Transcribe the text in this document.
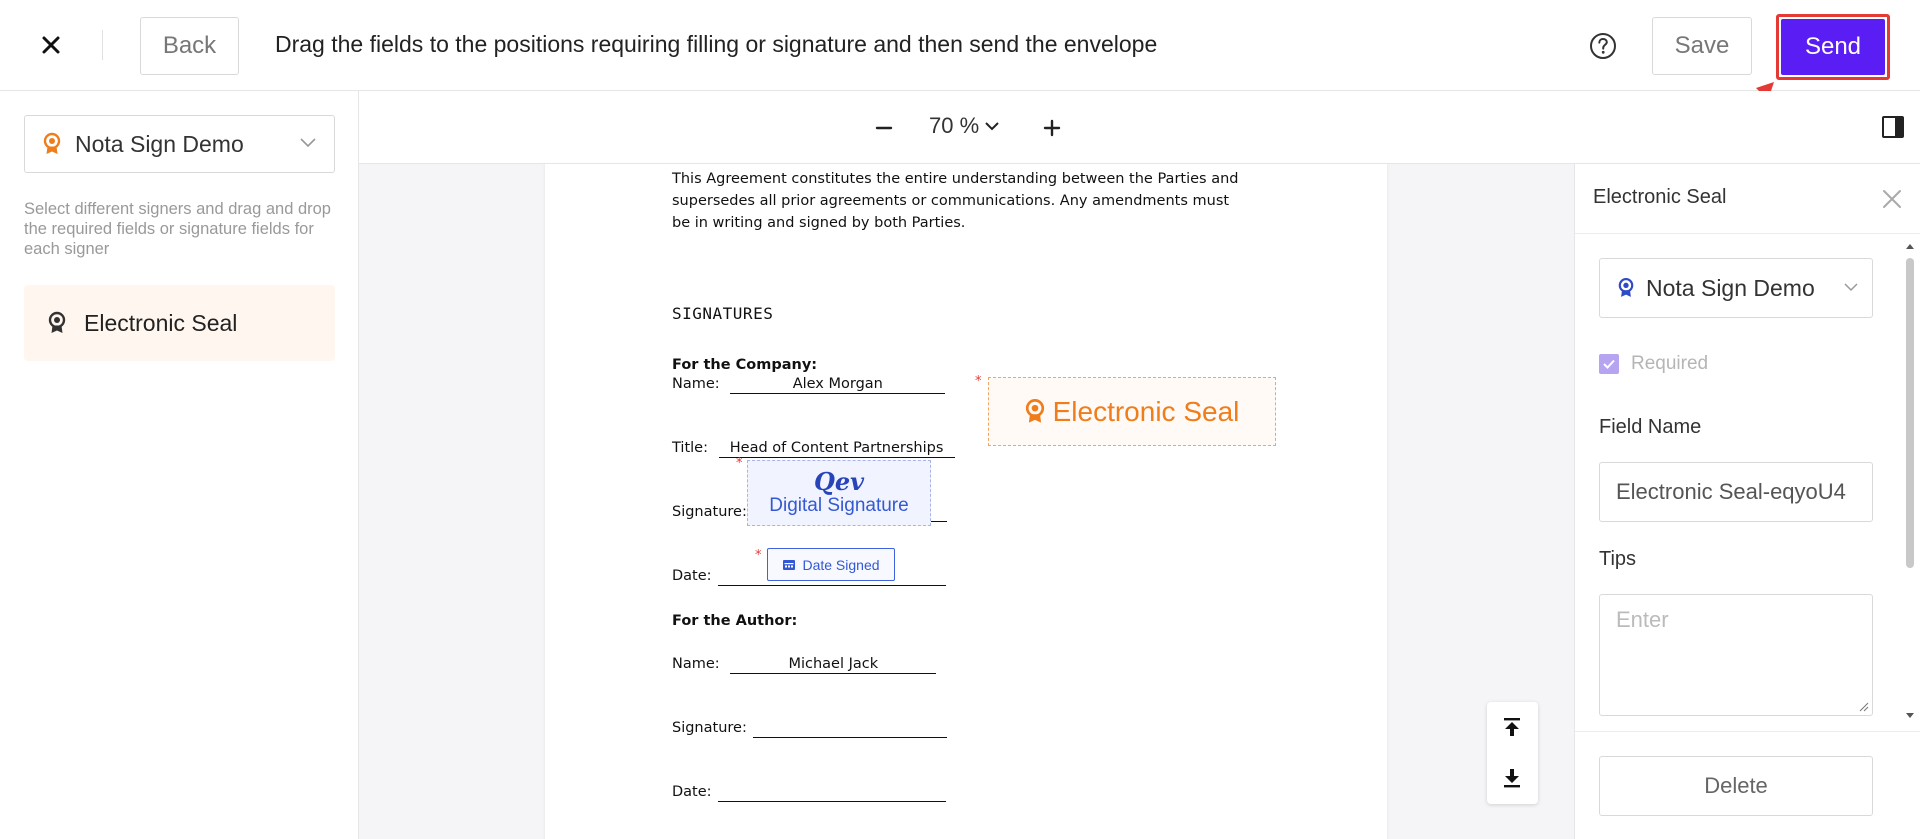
Back	Drag the fields to the positions requiring filling or signature and then send the envelope	Save	Send
Nota Sign Demo
Select different signers and drag and drop the required fields or signature fields for each signer
Electronic Seal
70 %
This Agreement constitutes the entire understanding between the Parties and supersedes all prior agreements or communications. Any amendments must be in writing and signed by both Parties.
SIGNATURES
For the Company:
Name:	Alex Morgan
Title: Head of Content Partnerships
Signature:
Date:
For the Author:
Name:	Michael Jack
Signature:
Date:
*
Electronic Seal
*
Qev
Digital Signature
*
Date Signed
Electronic Seal
Nota Sign Demo
Required
Field Name
Electronic Seal-eqyoU4
Tips
Enter
Delete
